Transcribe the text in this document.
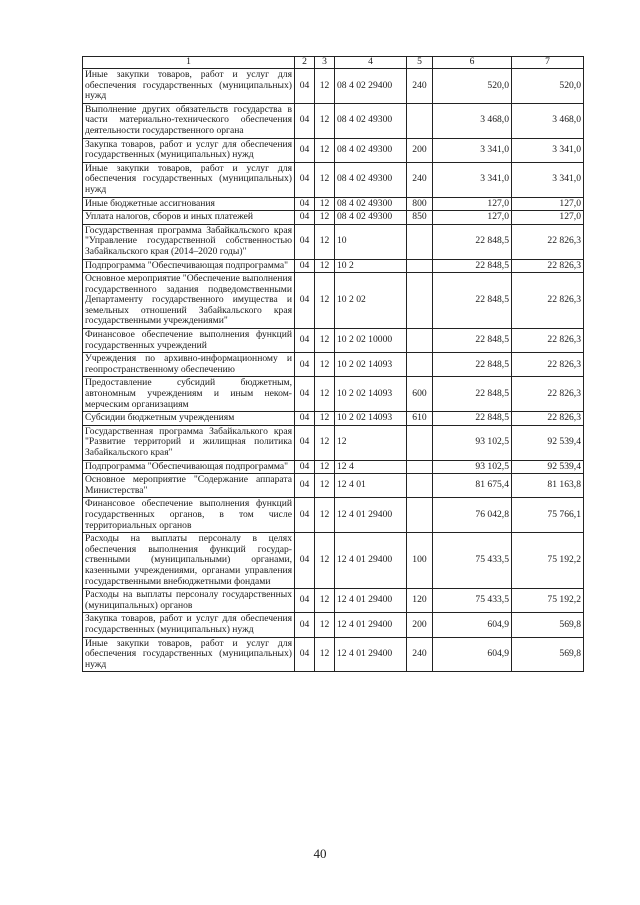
1	2	3	4	5	6	7
Иные закупки товаров, работ и услуг для обеспечения государственных (муниципальных) нужд	04	12	08 4 02 29400	240	520,0	520,0
Выполнение других обязательств государства в части материально-технического обеспечения деятельности государственного органа	04	12	08 4 02 49300		3 468,0	3 468,0
Закупка товаров, работ и услуг для обеспечения государственных (муниципальных) нужд	04	12	08 4 02 49300	200	3 341,0	3 341,0
Иные закупки товаров, работ и услуг для обеспечения государственных (муниципальных) нужд	04	12	08 4 02 49300	240	3 341,0	3 341,0
Иные бюджетные ассигнования	04	12	08 4 02 49300	800	127,0	127,0
Уплата налогов, сборов и иных платежей	04	12	08 4 02 49300	850	127,0	127,0
Государственная программа Забайкальского края "Управление государственной собственностью Забайкальского края (2014–2020 годы)"	04	12	10		22 848,5	22 826,3
Подпрограмма "Обеспечивающая подпрограмма"	04	12	10 2		22 848,5	22 826,3
Основное мероприятие "Обеспечение выполнения государственного задания подведомственными Департаменту государственного имущества и земельных отношений Забайкальского края государственными учреждениями"	04	12	10 2 02		22 848,5	22 826,3
Финансовое обеспечение выполнения функций государственных учреждений	04	12	10 2 02 10000		22 848,5	22 826,3
Учреждения по архивно-информационному и геопространственному обеспечению	04	12	10 2 02 14093		22 848,5	22 826,3
Предоставление субсидий бюджетным, автономным учреждениям и иным некоммерческим организациям	04	12	10 2 02 14093	600	22 848,5	22 826,3
Субсидии бюджетным учреждениям	04	12	10 2 02 14093	610	22 848,5	22 826,3
Государственная программа Забайкалького края "Развитие территорий и жилищная политика Забайкальского края"	04	12	12		93 102,5	92 539,4
Подпрограмма "Обеспечивающая подпрограмма"	04	12	12 4		93 102,5	92 539,4
Основное мероприятие "Содержание аппарата Министерства"	04	12	12 4 01		81 675,4	81 163,8
Финансовое обеспечение выполнения функций государственных органов, в том числе территориальных органов	04	12	12 4 01 29400		76 042,8	75 766,1
Расходы на выплаты персоналу в целях обеспечения выполнения функций государственными (муниципальными) органами, казенными учреждениями, органами управления государственными внебюджетными фондами	04	12	12 4 01 29400	100	75 433,5	75 192,2
Расходы на выплаты персоналу государственных (муниципальных) органов	04	12	12 4 01 29400	120	75 433,5	75 192,2
Закупка товаров, работ и услуг для обеспечения государственных (муниципальных) нужд	04	12	12 4 01 29400	200	604,9	569,8
Иные закупки товаров, работ и услуг для обеспечения государственных (муниципальных) нужд	04	12	12 4 01 29400	240	604,9	569,8
40
